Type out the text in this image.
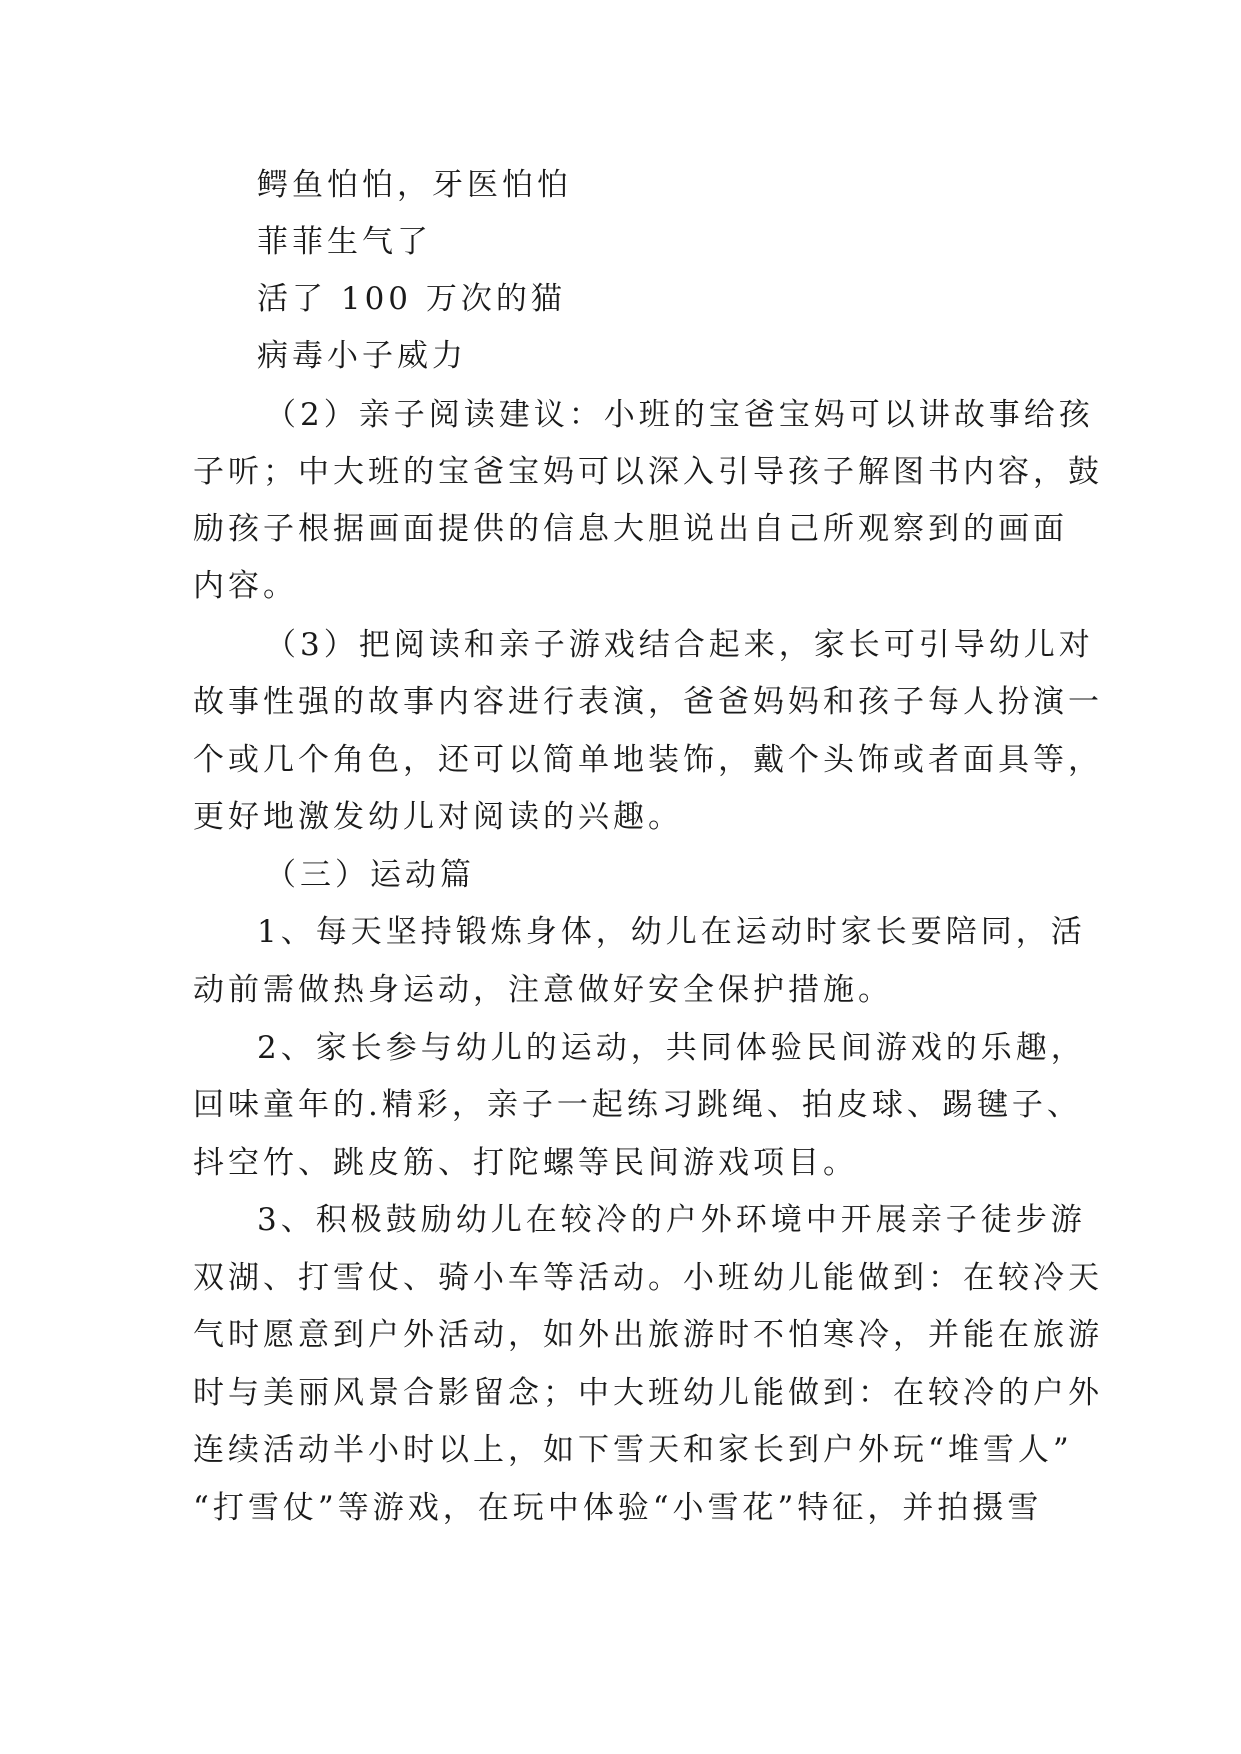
鳄鱼怕怕，牙医怕怕
菲菲生气了
活了 100 万次的猫
病毒小子威力
（2）亲子阅读建议：小班的宝爸宝妈可以讲故事给孩
子听；中大班的宝爸宝妈可以深入引导孩子解图书内容，鼓
励孩子根据画面提供的信息大胆说出自己所观察到的画面
内容。
（3）把阅读和亲子游戏结合起来，家长可引导幼儿对
故事性强的故事内容进行表演，爸爸妈妈和孩子每人扮演一
个或几个角色，还可以简单地装饰，戴个头饰或者面具等，
更好地激发幼儿对阅读的兴趣。
（三）运动篇
1、每天坚持锻炼身体，幼儿在运动时家长要陪同，活
动前需做热身运动，注意做好安全保护措施。
2、家长参与幼儿的运动，共同体验民间游戏的乐趣，
回味童年的.精彩，亲子一起练习跳绳、拍皮球、踢毽子、
抖空竹、跳皮筋、打陀螺等民间游戏项目。
3、积极鼓励幼儿在较冷的户外环境中开展亲子徒步游
双湖、打雪仗、骑小车等活动。小班幼儿能做到：在较冷天
气时愿意到户外活动，如外出旅游时不怕寒冷，并能在旅游
时与美丽风景合影留念；中大班幼儿能做到：在较冷的户外
连续活动半小时以上，如下雪天和家长到户外玩“堆雪人”
“打雪仗”等游戏，在玩中体验“小雪花”特征，并拍摄雪
